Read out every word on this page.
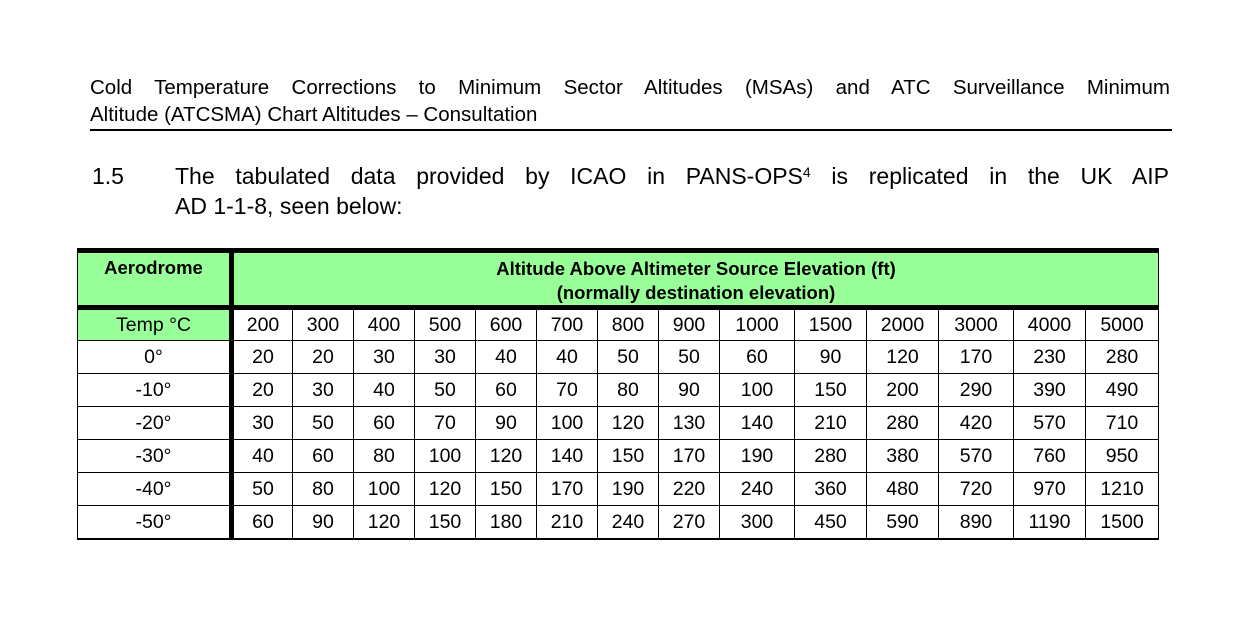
Cold Temperature Corrections to Minimum Sector Altitudes (MSAs) and ATC Surveillance Minimum
Altitude (ATCSMA) Chart Altitudes – Consultation
1.5 The tabulated data provided by ICAO in PANS-OPS$^4$ is replicated in the UK AIP
AD 1-1-8, seen below:
Aerodrome	Altitude Above Altimeter Source Elevation (ft)
(normally destination elevation)													

Temp °C	200	300	400	500	600	700	800	900	1000	1500	2000	3000	4000	5000
0°	20	20	30	30	40	40	50	50	60	90	120	170	230	280
-10°	20	30	40	50	60	70	80	90	100	150	200	290	390	490
-20°	30	50	60	70	90	100	120	130	140	210	280	420	570	710
-30°	40	60	80	100	120	140	150	170	190	280	380	570	760	950
-40°	50	80	100	120	150	170	190	220	240	360	480	720	970	1210
-50°	60	90	120	150	180	210	240	270	300	450	590	890	1190	1500
